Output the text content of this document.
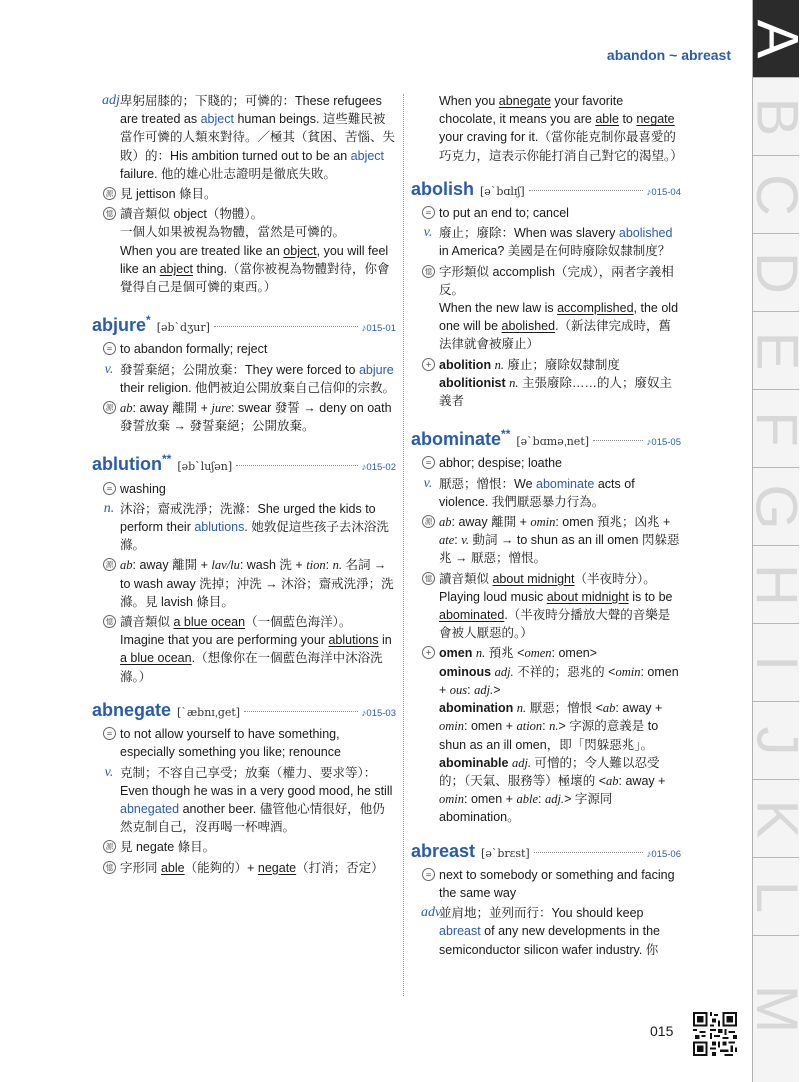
abandon ~ abreast A
B
C
D
E
F
G
H
I
J
K
L
M
adj.
卑躬屈膝的；下賤的；可憐的：These refugees are treated as abject human beings. 這些難民被當作可憐的人類來對待。／極其（貧困、苦惱、失敗）的：His ambition turned out to be an abject failure. 他的雄心壯志證明是徹底失敗。
源 見 jettison 條目。
憶 讀音類似 object（物體）。
一個人如果被視為物體，當然是可憐的。
When you are treated like an object, you will feel like an abject thing.（當你被視為物體對待，你會覺得自己是個可憐的東西。）
abjure*
[əb`dʒur]	♪015-01
= to abandon formally; reject
v. 發誓棄絕；公開放棄：They were forced to abjure their religion. 他們被迫公開放棄自己信仰的宗教。
源 ab: away 離開 + jure: swear 發誓 → deny on oath 發誓放棄 → 發誓棄絕；公開放棄。
ablution**
[əb`luʃən]	♪015-02
= washing
n. 沐浴；齋戒洗淨；洗滌：She urged the kids to perform their ablutions. 她敦促這些孩子去沐浴洗滌。
源 ab: away 離開 + lav/lu: wash 洗 + tion: n. 名詞 → to wash away 洗掉；沖洗 → 沐浴；齋戒洗淨；洗滌。見 lavish 條目。
憶 讀音類似 a blue ocean（一個藍色海洋）。
Imagine that you are performing your ablutions in a blue ocean.（想像你在一個藍色海洋中沐浴洗滌。）
abnegate [`æbnɪˌget]	♪015-03
= to not allow yourself to have something, especially something you like; renounce
v. 克制；不容自己享受；放棄（權力、要求等）：Even though he was in a very good mood, he still abnegated another beer. 儘管他心情很好，他仍然克制自己，沒再喝一杯啤酒。
源 見 negate 條目。
憶 字形同 able（能夠的）+ negate（打消；否定）
When you abnegate your favorite chocolate, it means you are able to negate your craving for it.（當你能克制你最喜愛的巧克力，這表示你能打消自己對它的渴望。）
abolish [ə`bɑlɪʃ]	♪015-04
= to put an end to; cancel
v. 廢止；廢除：When was slavery abolished in America? 美國是在何時廢除奴隸制度？
憶 字形類似 accomplish（完成），兩者字義相反。
When the new law is accomplished, the old one will be abolished.（新法律完成時，舊法律就會被廢止）
+ abolition n. 廢止；廢除奴隸制度
abolitionist n. 主張廢除……的人；廢奴主義者
abominate**
[ə`bɑməˌnet]	♪015-05
= abhor; despise; loathe
v. 厭惡；憎恨：We abominate acts of violence. 我們厭惡暴力行為。
源 ab: away 離開 + omin: omen 預兆；凶兆 + ate: v. 動詞 → to shun as an ill omen 閃躲惡兆 → 厭惡；憎恨。
憶 讀音類似 about midnight（半夜時分）。
Playing loud music about midnight is to be abominated.（半夜時分播放大聲的音樂是會被人厭惡的。）
+ omen n. 預兆 <omen: omen>
ominous adj. 不祥的；惡兆的 <omin: omen + ous: adj.>
abomination n. 厭惡；憎恨 <ab: away + omin: omen + ation: n.> 字源的意義是 to shun as an ill omen，即「閃躲惡兆」。
abominable adj. 可憎的；令人難以忍受的；（天氣、服務等）極壞的 <ab: away + omin: omen + able: adj.> 字源同 abomination。
abreast [ə`brɛst]	♪015-06
= next to somebody or something and facing the same way
adv.
並肩地；並列而行：You should keep abreast of any new developments in the semiconductor silicon wafer industry. 你
015
